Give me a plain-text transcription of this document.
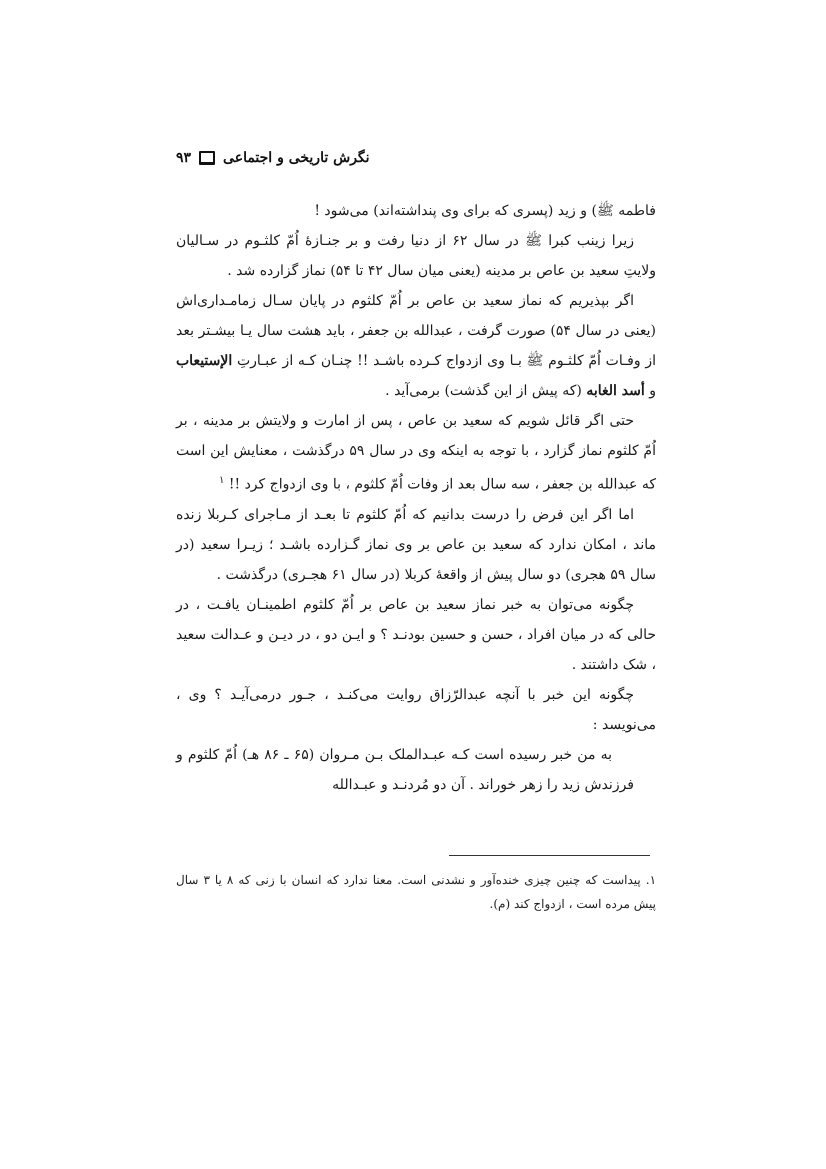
۹۳ نگرش تاریخی و اجتماعی

فاطمه ﷺ) و زید (پسری که برای وی پنداشته‌اند) می‌شود !

زیرا زینب کبرا ﷺ در سال ۶۲ از دنیا رفت و بر جنـازهٔ اُمّ کلثـوم در سـالیان ولایتِ سعید بن عاص بر مدینه (یعنی میان سال ۴۲ تا ۵۴) نماز گزارده شد .

اگر بپذیریم که نماز سعید بن عاص بر اُمّ کلثوم در پایان سـال زمامـداری‌اش (یعنی در سال ۵۴) صورت گرفت ، عبدالله بن جعفر ، باید هشت سال یـا بیشـتر بعد از وفـات اُمّ کلثـوم ﷺ بـا وی ازدواج کـرده باشـد !! چنـان کـه از عبـارتِ الإستیعاب و أسد الغابه (که پیش از این گذشت) برمی‌آید .

حتی اگر قائل شویم که سعید بن عاص ، پس از امارت و ولایتش بر مدینه ، بر اُمّ کلثوم نماز گزارد ، با توجه به اینکه وی در سال ۵۹ درگذشت ، معنایش این است که عبدالله بن جعفر ، سه سال بعد از وفات اُمّ کلثوم ، با وی ازدواج کرد !! $^۱$

اما اگر این فرض را درست بدانیم که اُمّ کلثوم تا بعـد از مـاجرای کـربلا زنده ماند ، امکان ندارد که سعید بن عاص بر وی نماز گـزارده باشـد ؛ زیـرا سعید (در سال ۵۹ هجری) دو سال پیش از واقعهٔ کربلا (در سال ۶۱ هجـری) درگذشت .

چگونه می‌توان به خبر نماز سعید بن عاص بر اُمّ کلثوم اطمینـان یافـت ، در حالی که در میان افراد ، حسن و حسین بودنـد ؟ و ایـن دو ، در دیـن و عـدالت سعید ، شک داشتند .

چگونه این خبر با آنچه عبدالرّزاق روایت می‌کنـد ، جـور درمی‌آیـد ؟ وی ، می‌نویسد :

به من خبر رسیده است کـه عبـدالملک بـن مـروان (۶۵ ـ ۸۶ هـ) اُمّ کلثوم و فرزندش زید را زهر خوراند . آن دو مُردنـد و عبـدالله

۱. پیداست که چنین چیزی خنده‌آور و نشدنی است. معنا ندارد که انسان با زنی که ۸ یا ۳ سال پیش مرده است ، ازدواج کند (م).
